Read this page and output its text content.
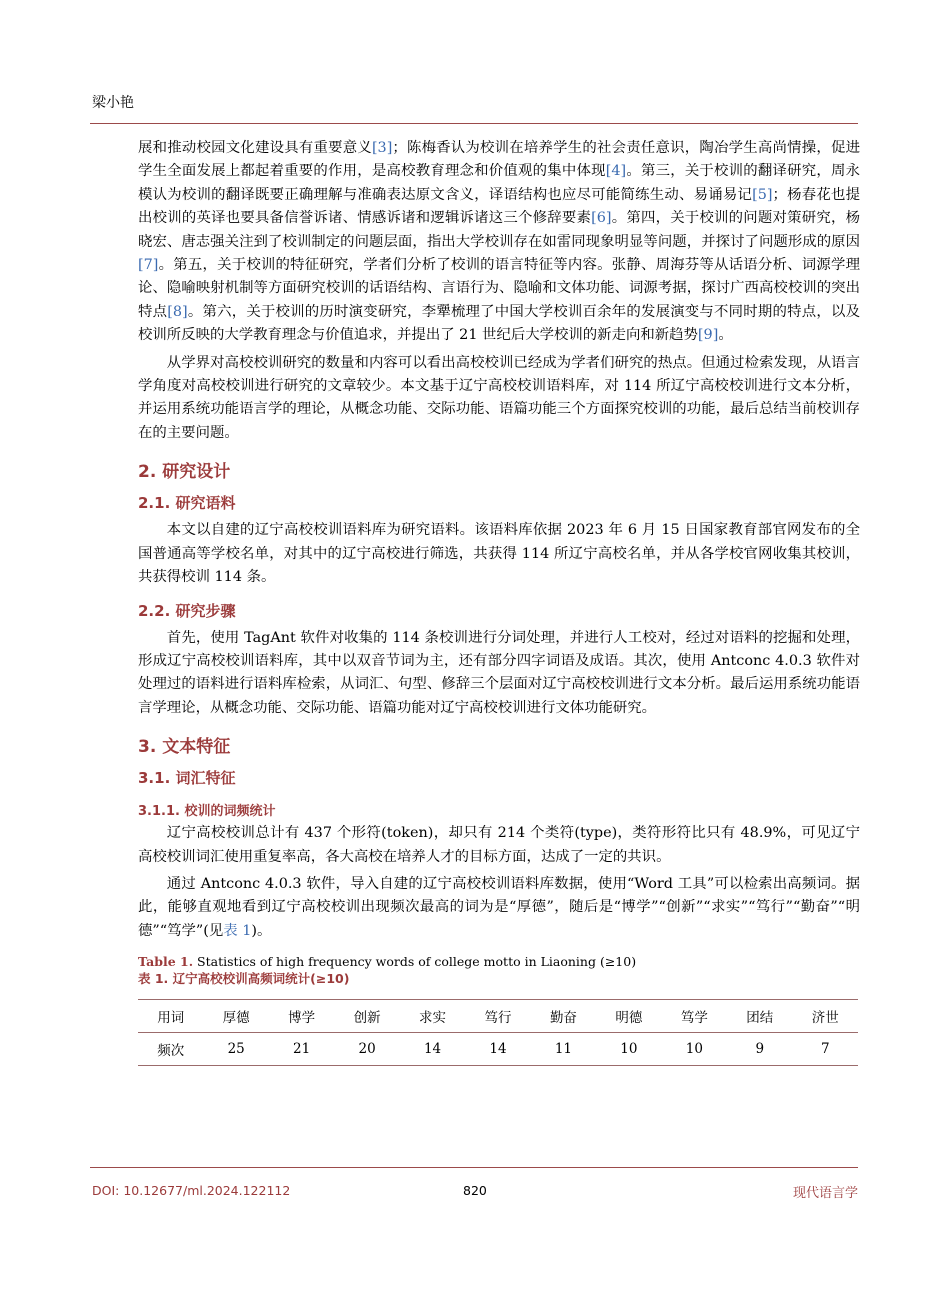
梁小艳

展和推动校园文化建设具有重要意义[3]；陈梅香认为校训在培养学生的社会责任意识，陶冶学生高尚情操，促进学生全面发展上都起着重要的作用，是高校教育理念和价值观的集中体现[4]。第三，关于校训的翻译研究，周永模认为校训的翻译既要正确理解与准确表达原文含义，译语结构也应尽可能简练生动、易诵易记[5]；杨春花也提出校训的英译也要具备信誉诉诸、情感诉诸和逻辑诉诸这三个修辞要素[6]。第四，关于校训的问题对策研究，杨晓宏、唐志强关注到了校训制定的问题层面，指出大学校训存在如雷同现象明显等问题，并探讨了问题形成的原因[7]。第五，关于校训的特征研究，学者们分析了校训的语言特征等内容。张静、周海芬等从话语分析、词源学理论、隐喻映射机制等方面研究校训的话语结构、言语行为、隐喻和文体功能、词源考据，探讨广西高校校训的突出特点[8]。第六，关于校训的历时演变研究，李犟梳理了中国大学校训百余年的发展演变与不同时期的特点，以及校训所反映的大学教育理念与价值追求，并提出了 21 世纪后大学校训的新走向和新趋势[9]。

从学界对高校校训研究的数量和内容可以看出高校校训已经成为学者们研究的热点。但通过检索发现，从语言学角度对高校校训进行研究的文章较少。本文基于辽宁高校校训语料库，对 114 所辽宁高校校训进行文本分析，并运用系统功能语言学的理论，从概念功能、交际功能、语篇功能三个方面探究校训的功能，最后总结当前校训存在的主要问题。

2. 研究设计
2.1. 研究语料

本文以自建的辽宁高校校训语料库为研究语料。该语料库依据 2023 年 6 月 15 日国家教育部官网发布的全国普通高等学校名单，对其中的辽宁高校进行筛选，共获得 114 所辽宁高校名单，并从各学校官网收集其校训，共获得校训 114 条。

2.2. 研究步骤

首先，使用 TagAnt 软件对收集的 114 条校训进行分词处理，并进行人工校对，经过对语料的挖掘和处理，形成辽宁高校校训语料库，其中以双音节词为主，还有部分四字词语及成语。其次，使用 Antconc 4.0.3 软件对处理过的语料进行语料库检索，从词汇、句型、修辞三个层面对辽宁高校校训进行文本分析。最后运用系统功能语言学理论，从概念功能、交际功能、语篇功能对辽宁高校校训进行文体功能研究。

3. 文本特征
3.1. 词汇特征
3.1.1. 校训的词频统计

辽宁高校校训总计有 437 个形符(token)，却只有 214 个类符(type)，类符形符比只有 48.9%，可见辽宁高校校训词汇使用重复率高，各大高校在培养人才的目标方面，达成了一定的共识。

通过 Antconc 4.0.3 软件，导入自建的辽宁高校校训语料库数据，使用“Word 工具”可以检索出高频词。据此，能够直观地看到辽宁高校校训出现频次最高的词为是“厚德”，随后是“博学”“创新”“求实”“笃行”“勤奋”“明德”“笃学”(见表 1)。

Table 1. Statistics of high frequency words of college motto in Liaoning (≥10)
表 1. 辽宁高校校训高频词统计(≥10)
用词	厚德	博学	创新	求实	笃行	勤奋	明德	笃学	团结	济世
频次	25	21	20	14	14	11	10	10	9	7
DOI: 10.12677/ml.2024.122112	820	现代语言学
